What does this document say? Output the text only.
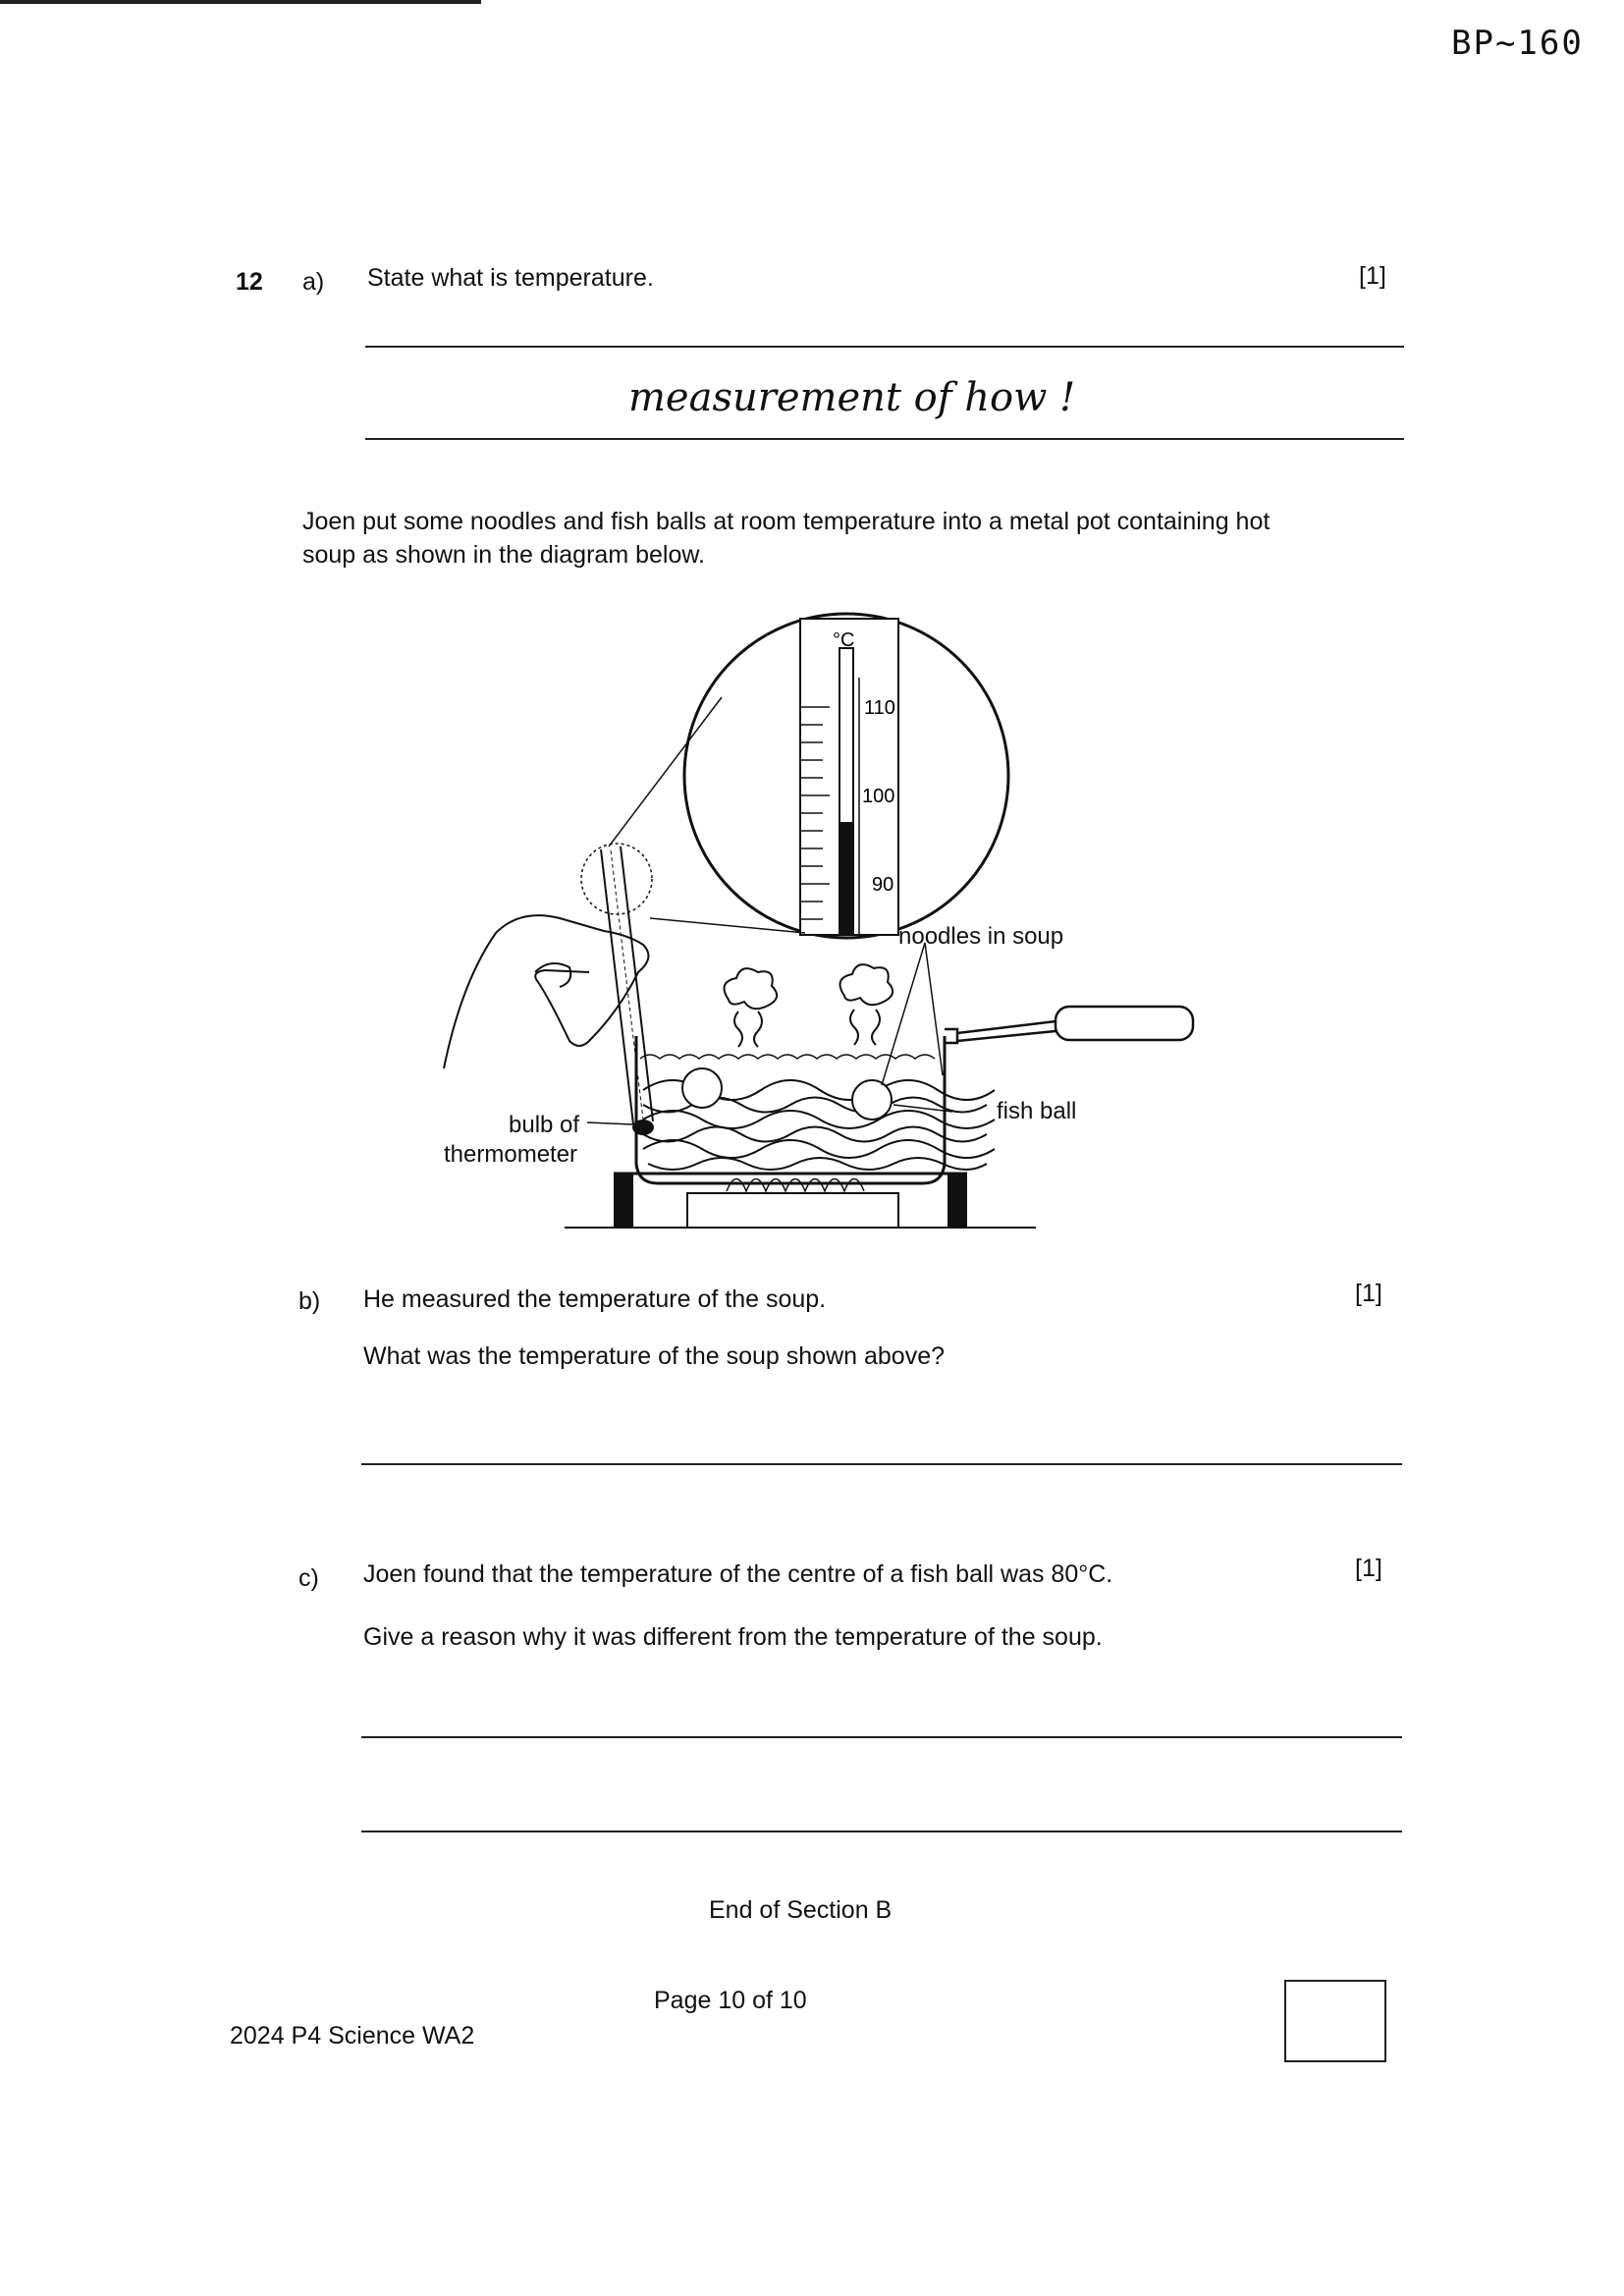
BP~160
12 a) State what is temperature.	[1]
measurement of how !
Joen put some noodles and fish balls at room temperature into a metal pot containing hot
soup as shown in the diagram below.
°C
110
100
90
noodles in soup
fish ball
bulb of
thermometer
b) He measured the temperature of the soup.	[1]
What was the temperature of the soup shown above?
c) Joen found that the temperature of the centre of a fish ball was 80°C.	[1]
Give a reason why it was different from the temperature of the soup.
End of Section B
Page 10 of 10
2024 P4 Science WA2
